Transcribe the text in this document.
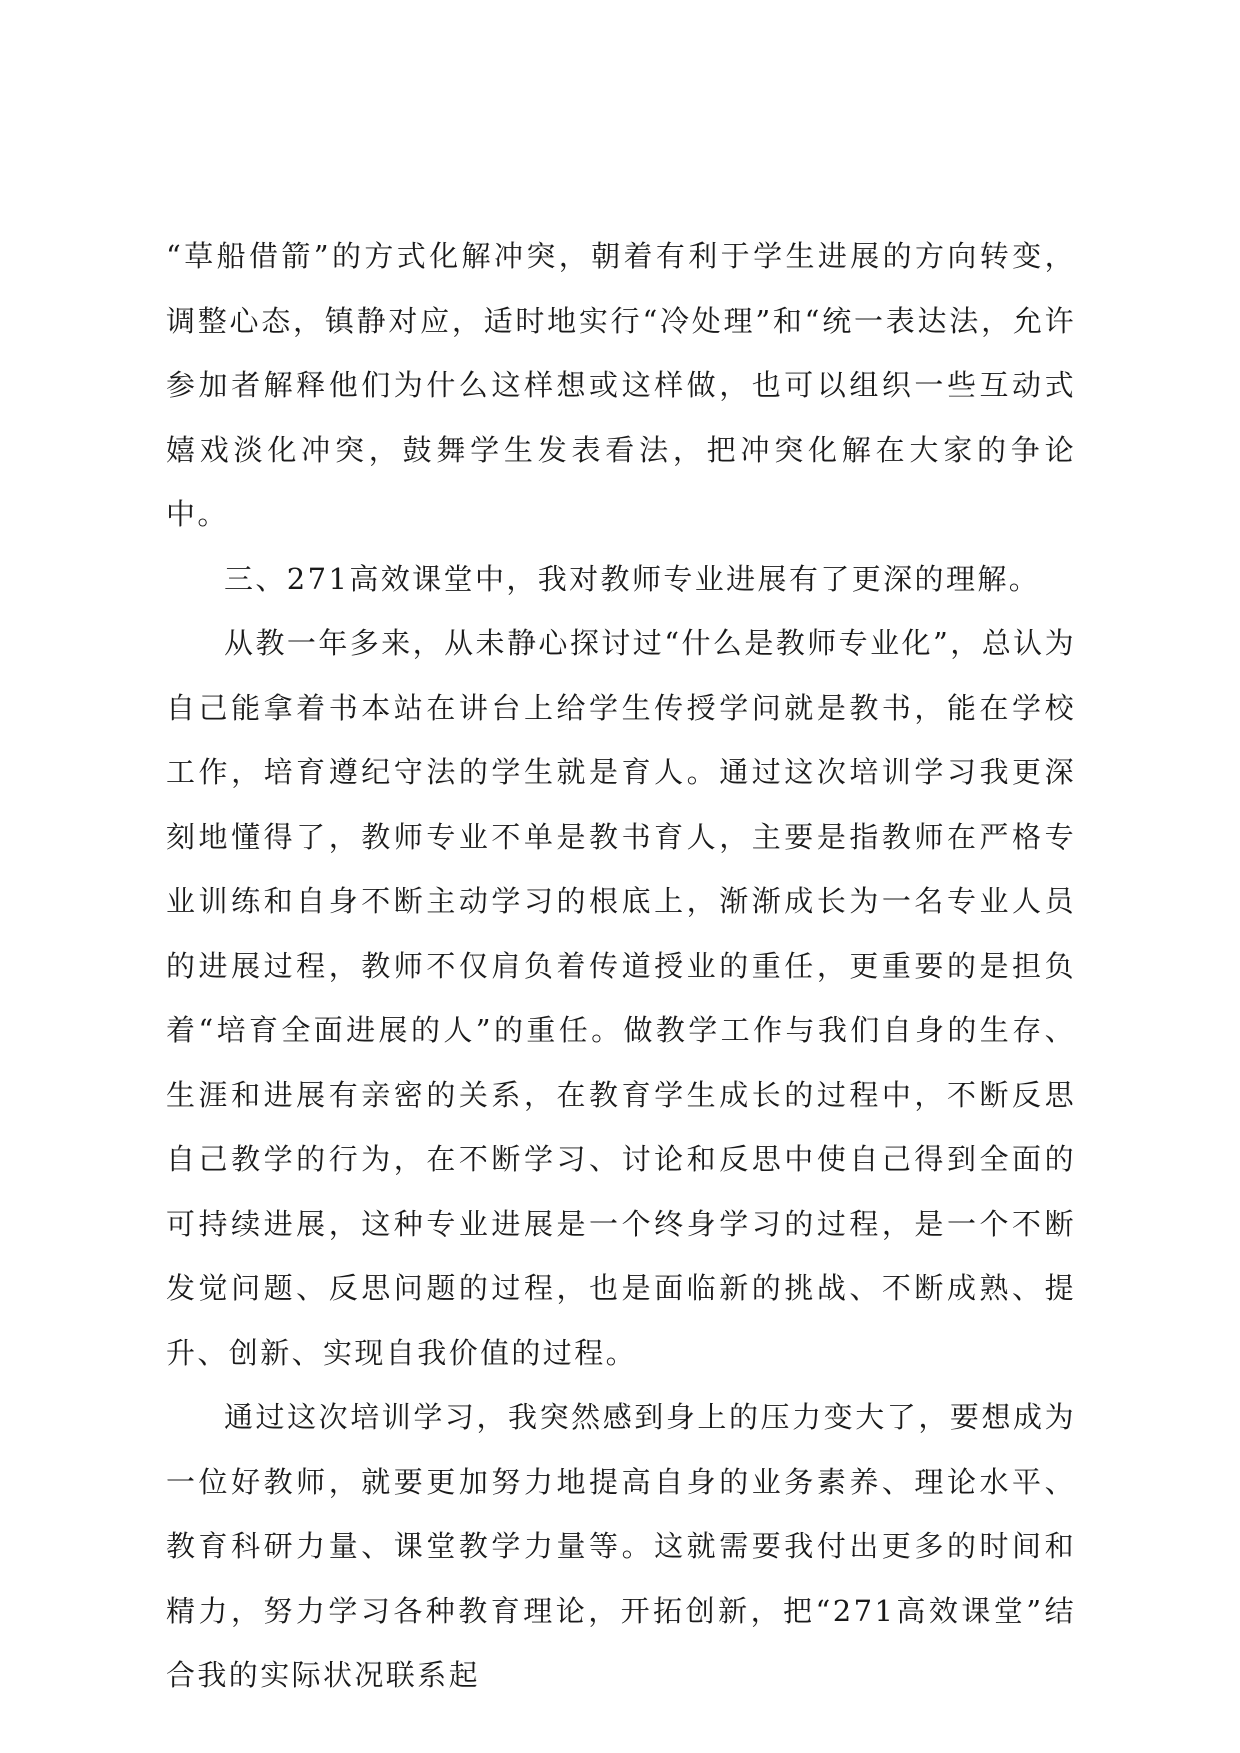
“草船借箭”的方式化解冲突，朝着有利于学生进展的方向转变，调整心态，镇静对应，适时地实行“冷处理”和“统一表达法，允许参加者解释他们为什么这样想或这样做，也可以组织一些互动式嬉戏淡化冲突，鼓舞学生发表看法，把冲突化解在大家的争论中。

三、271高效课堂中，我对教师专业进展有了更深的理解。

从教一年多来，从未静心探讨过“什么是教师专业化”，总认为自己能拿着书本站在讲台上给学生传授学问就是教书，能在学校工作，培育遵纪守法的学生就是育人。通过这次培训学习我更深刻地懂得了，教师专业不单是教书育人，主要是指教师在严格专业训练和自身不断主动学习的根底上，渐渐成长为一名专业人员的进展过程，教师不仅肩负着传道授业的重任，更重要的是担负着“培育全面进展的人”的重任。做教学工作与我们自身的生存、生涯和进展有亲密的关系，在教育学生成长的过程中，不断反思自己教学的行为，在不断学习、讨论和反思中使自己得到全面的可持续进展，这种专业进展是一个终身学习的过程，是一个不断发觉问题、反思问题的过程，也是面临新的挑战、不断成熟、提升、创新、实现自我价值的过程。

通过这次培训学习，我突然感到身上的压力变大了，要想成为一位好教师，就要更加努力地提高自身的业务素养、理论水平、教育科研力量、课堂教学力量等。这就需要我付出更多的时间和精力，努力学习各种教育理论，开拓创新，把“271高效课堂”结合我的实际状况联系起
